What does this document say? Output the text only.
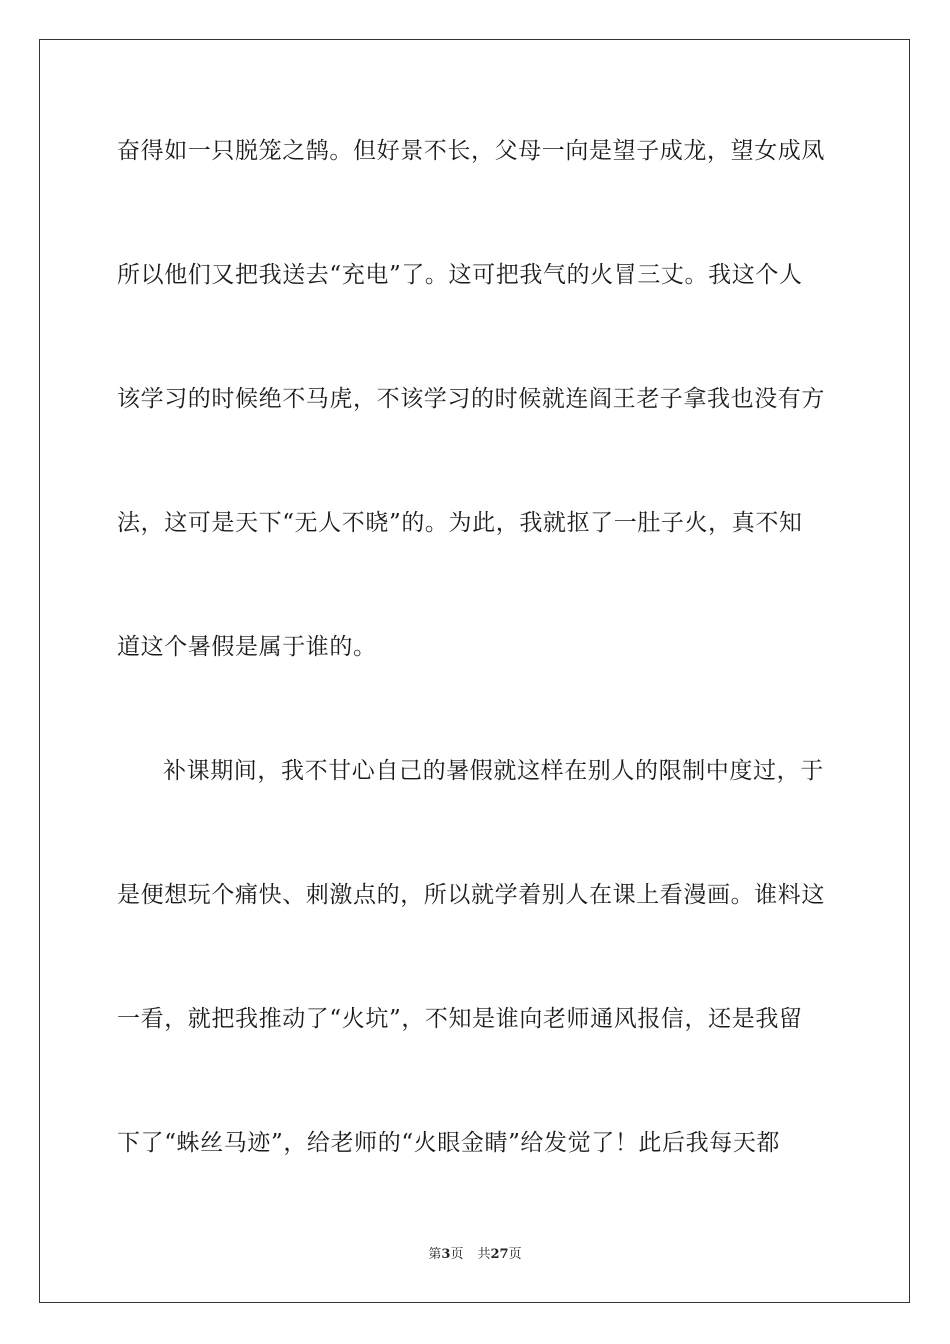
奋得如一只脱笼之鹄。但好景不长，父母一向是望子成龙，望女成凤
所以他们又把我送去“充电”了。这可把我气的火冒三丈。我这个人
该学习的时候绝不马虎，不该学习的时候就连阎王老子拿我也没有方
法，这可是天下“无人不晓”的。为此，我就抠了一肚子火，真不知
道这个暑假是属于谁的。
补课期间，我不甘心自己的暑假就这样在别人的限制中度过，于
是便想玩个痛快、刺激点的，所以就学着别人在课上看漫画。谁料这
一看，就把我推动了“火坑”，不知是谁向老师通风报信，还是我留
下了“蛛丝马迹”，给老师的“火眼金睛”给发觉了！此后我每天都
第3页 共27页
